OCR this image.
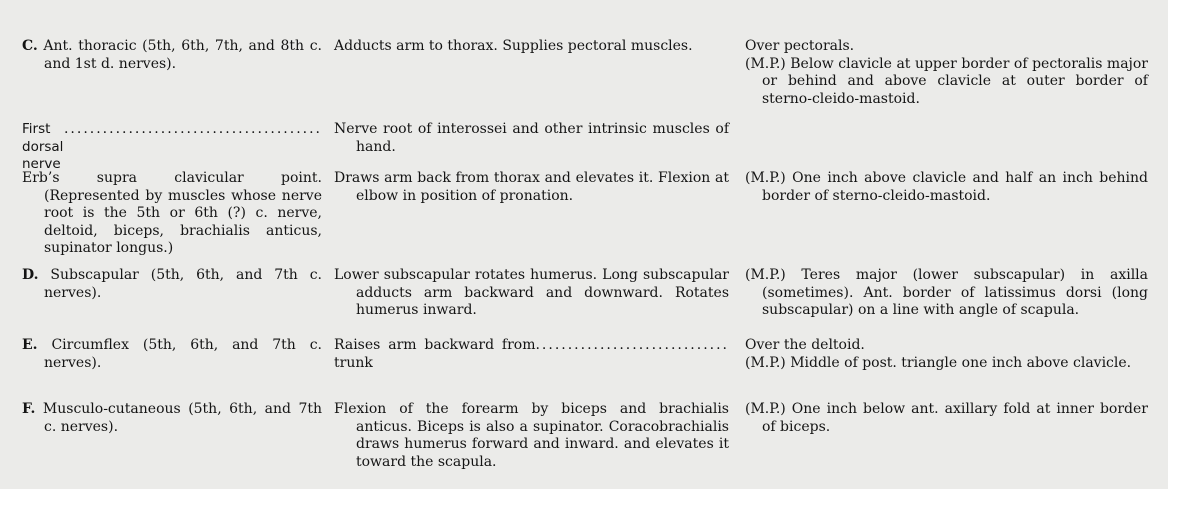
C. Ant. thoracic (5th, 6th, 7th, and 8th c. and 1st d. nerves).
Adducts arm to thorax. Supplies pectoral muscles.	Over pectorals.
(M.P.) Below clavicle at upper border of pectoralis major or behind and above clavicle at outer border of sterno-cleido-mastoid.
First dorsal nerve
........................................ Nerve root of interossei and other intrinsic muscles of hand.
Erb’s supra clavicular point. (Represented by muscles whose nerve root is the 5th or 6th (?) c. nerve, deltoid, biceps, brachialis anticus, supinator longus.)
Draws arm back from thorax and elevates it. Flexion at elbow in position of pronation.
(M.P.) One inch above clavicle and half an inch behind border of sterno-cleido-mastoid.
D. Subscapular (5th, 6th, and 7th c. nerves).
Lower subscapular rotates humerus. Long subscapular adducts arm backward and downward. Rotates humerus inward.
(M.P.) Teres major (lower subscapular) in axilla (sometimes). Ant. border of latissimus dorsi (long subscapular) on a line with angle of scapula.
E. Circumflex (5th, 6th, and 7th c. nerves).
Raises arm backward from trunk
.............................. Over the deltoid.
(M.P.) Middle of post. triangle one inch above clavicle.
F. Musculo-cutaneous (5th, 6th, and 7th c. nerves).
Flexion of the forearm by biceps and brachialis anticus. Biceps is also a supinator. Coracobrachialis draws humerus forward and inward. and elevates it toward the scapula.
(M.P.) One inch below ant. axillary fold at inner border of biceps.
